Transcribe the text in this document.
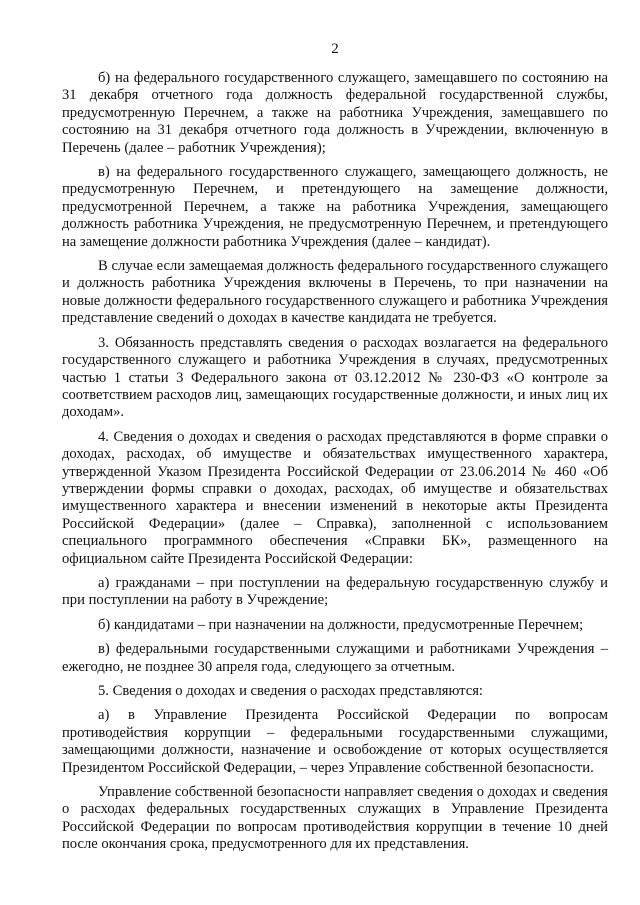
2

б) на федерального государственного служащего, замещавшего по состоянию на 31 декабря отчетного года должность федеральной государственной службы, предусмотренную Перечнем, а также на работника Учреждения, замещавшего по состоянию на 31 декабря отчетного года должность в Учреждении, включенную в Перечень (далее – работник Учреждения);

в) на федерального государственного служащего, замещающего должность, не предусмотренную Перечнем, и претендующего на замещение должности, предусмотренной Перечнем, а также на работника Учреждения, замещающего должность работника Учреждения, не предусмотренную Перечнем, и претендующего на замещение должности работника Учреждения (далее – кандидат).

В случае если замещаемая должность федерального государственного служащего и должность работника Учреждения включены в Перечень, то при назначении на новые должности федерального государственного служащего и работника Учреждения представление сведений о доходах в качестве кандидата не требуется.

3. Обязанность представлять сведения о расходах возлагается на федерального государственного служащего и работника Учреждения в случаях, предусмотренных частью 1 статьи 3 Федерального закона от 03.12.2012 № 230-ФЗ «О контроле за соответствием расходов лиц, замещающих государственные должности, и иных лиц их доходам».

4. Сведения о доходах и сведения о расходах представляются в форме справки о доходах, расходах, об имуществе и обязательствах имущественного характера, утвержденной Указом Президента Российской Федерации от 23.06.2014 № 460 «Об утверждении формы справки о доходах, расходах, об имуществе и обязательствах имущественного характера и внесении изменений в некоторые акты Президента Российской Федерации» (далее – Справка), заполненной с использованием специального программного обеспечения «Справки БК», размещенного на официальном сайте Президента Российской Федерации:

а) гражданами – при поступлении на федеральную государственную службу и при поступлении на работу в Учреждение;

б) кандидатами – при назначении на должности, предусмотренные Перечнем;

в) федеральными государственными служащими и работниками Учреждения – ежегодно, не позднее 30 апреля года, следующего за отчетным.

5. Сведения о доходах и сведения о расходах представляются:

а) в Управление Президента Российской Федерации по вопросам противодействия коррупции – федеральными государственными служащими, замещающими должности, назначение и освобождение от которых осуществляется Президентом Российской Федерации, – через Управление собственной безопасности.

Управление собственной безопасности направляет сведения о доходах и сведения о расходах федеральных государственных служащих в Управление Президента Российской Федерации по вопросам противодействия коррупции в течение 10 дней после окончания срока, предусмотренного для их представления.
